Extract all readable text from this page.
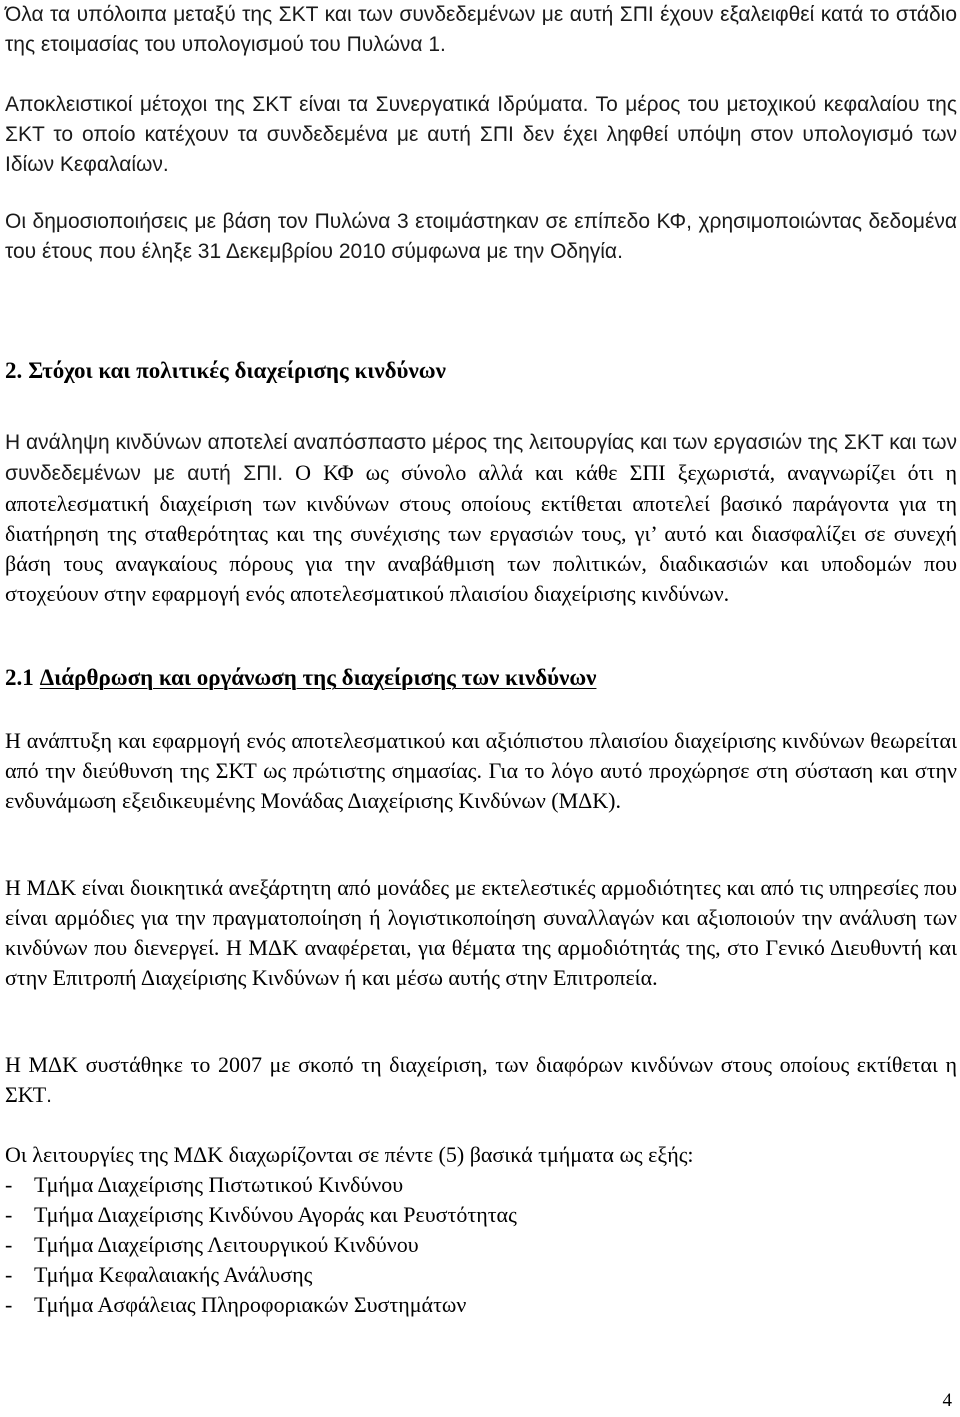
Όλα τα υπόλοιπα μεταξύ της ΣΚΤ και των συνδεδεμένων με αυτή ΣΠΙ έχουν εξαλειφθεί κατά το στάδιο της ετοιμασίας του υπολογισμού του Πυλώνα 1.

Αποκλειστικοί μέτοχοι της ΣΚΤ είναι τα Συνεργατικά Ιδρύματα. Το μέρος του μετοχικού κεφαλαίου της ΣΚΤ το οποίο κατέχουν τα συνδεδεμένα με αυτή ΣΠΙ δεν έχει ληφθεί υπόψη στον υπολογισμό των Ιδίων Κεφαλαίων.

Οι δημοσιοποιήσεις με βάση τον Πυλώνα 3 ετοιμάστηκαν σε επίπεδο ΚΦ, χρησιμοποιώντας δεδομένα του έτους που έληξε 31 Δεκεμβρίου 2010 σύμφωνα με την Οδηγία.

2. Στόχοι και πολιτικές διαχείρισης κινδύνων

Η ανάληψη κινδύνων αποτελεί αναπόσπαστο μέρος της λειτουργίας και των εργασιών της ΣΚΤ και των συνδεδεμένων με αυτή ΣΠΙ. Ο ΚΦ ως σύνολο αλλά και κάθε ΣΠΙ ξεχωριστά, αναγνωρίζει ότι η αποτελεσματική διαχείριση των κινδύνων στους οποίους εκτίθεται αποτελεί βασικό παράγοντα για τη διατήρηση της σταθερότητας και της συνέχισης των εργασιών τους, γι’ αυτό και διασφαλίζει σε συνεχή βάση τους αναγκαίους πόρους για την αναβάθμιση των πολιτικών, διαδικασιών και υποδομών που στοχεύουν στην εφαρμογή ενός αποτελεσματικού πλαισίου διαχείρισης κινδύνων.

2.1 Διάρθρωση και οργάνωση της διαχείρισης των κινδύνων

Η ανάπτυξη και εφαρμογή ενός αποτελεσματικού και αξιόπιστου πλαισίου διαχείρισης κινδύνων θεωρείται από την διεύθυνση της ΣΚΤ ως πρώτιστης σημασίας. Για το λόγο αυτό προχώρησε στη σύσταση και στην ενδυνάμωση εξειδικευμένης Μονάδας Διαχείρισης Κινδύνων (ΜΔΚ).

Η ΜΔΚ είναι διοικητικά ανεξάρτητη από μονάδες με εκτελεστικές αρμοδιότητες και από τις υπηρεσίες που είναι αρμόδιες για την πραγματοποίηση ή λογιστικοποίηση συναλλαγών και αξιοποιούν την ανάλυση των κινδύνων που διενεργεί. Η ΜΔΚ αναφέρεται, για θέματα της αρμοδιότητάς της, στο Γενικό Διευθυντή και στην Επιτροπή Διαχείρισης Κινδύνων ή και μέσω αυτής στην Επιτροπεία.

Η ΜΔΚ συστάθηκε το 2007 με σκοπό τη διαχείριση, των διαφόρων κινδύνων στους οποίους εκτίθεται η ΣΚΤ.

Οι λειτουργίες της ΜΔΚ διαχωρίζονται σε πέντε (5) βασικά τμήματα ως εξής:

- Τμήμα Διαχείρισης Πιστωτικού Κινδύνου
- Τμήμα Διαχείρισης Κινδύνου Αγοράς και Ρευστότητας
- Τμήμα Διαχείρισης Λειτουργικού Κινδύνου
- Τμήμα Κεφαλαιακής Ανάλυσης
- Τμήμα Ασφάλειας Πληροφοριακών Συστημάτων
4
